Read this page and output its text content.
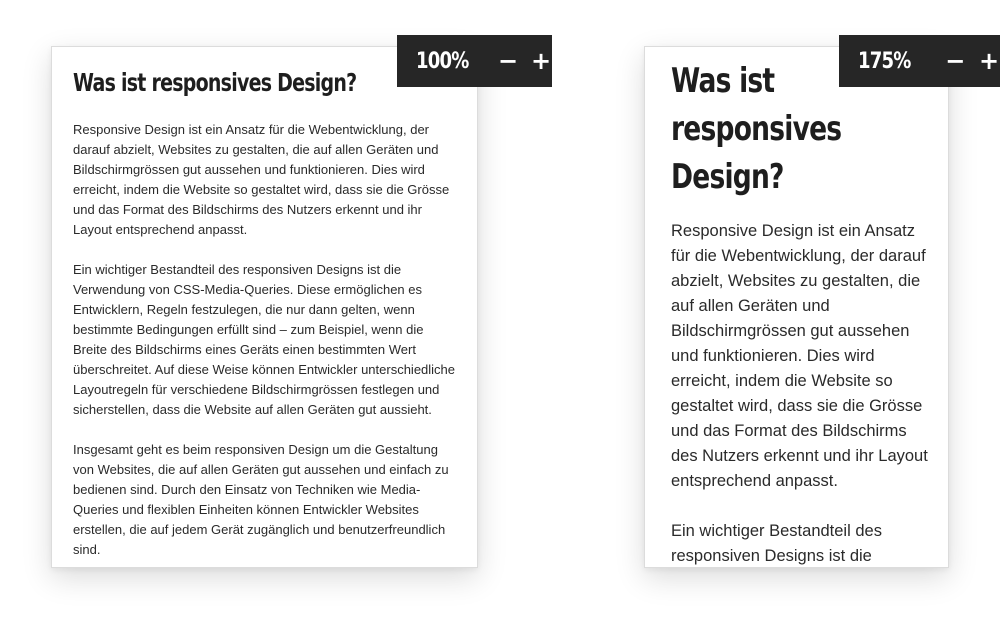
Was ist responsives Design?

Responsive Design ist ein Ansatz für die Webentwicklung, der darauf abzielt, Websites zu gestalten, die auf allen Geräten und Bildschirmgrössen gut aussehen und funktionieren. Dies wird erreicht, indem die Website so gestaltet wird, dass sie die Grösse und das Format des Bildschirms des Nutzers erkennt und ihr Layout entsprechend anpasst.

Ein wichtiger Bestandteil des responsiven Designs ist die Verwendung von CSS-Media-Queries. Diese ermöglichen es Entwicklern, Regeln festzulegen, die nur dann gelten, wenn bestimmte Bedingungen erfüllt sind – zum Beispiel, wenn die Breite des Bildschirms eines Geräts einen bestimmten Wert überschreitet. Auf diese Weise können Entwickler unterschiedliche Layoutregeln für verschiedene Bildschirmgrössen festlegen und sicherstellen, dass die Website auf allen Geräten gut aussieht.

Insgesamt geht es beim responsiven Design um die Gestaltung von Websites, die auf allen Geräten gut aussehen und einfach zu bedienen sind. Durch den Einsatz von Techniken wie Media-Queries und flexiblen Einheiten können Entwickler Websites erstellen, die auf jedem Gerät zugänglich und benutzerfreundlich sind.

100% − +	Was ist responsives Design?

Responsive Design ist ein Ansatz für die Webentwicklung, der darauf abzielt, Websites zu gestalten, die auf allen Geräten und Bildschirmgrössen gut aussehen und funktionieren. Dies wird erreicht, indem die Website so gestaltet wird, dass sie die Grösse und das Format des Bildschirms des Nutzers erkennt und ihr Layout entsprechend anpasst.

Ein wichtiger Bestandteil des responsiven Designs ist die

175%	− +
